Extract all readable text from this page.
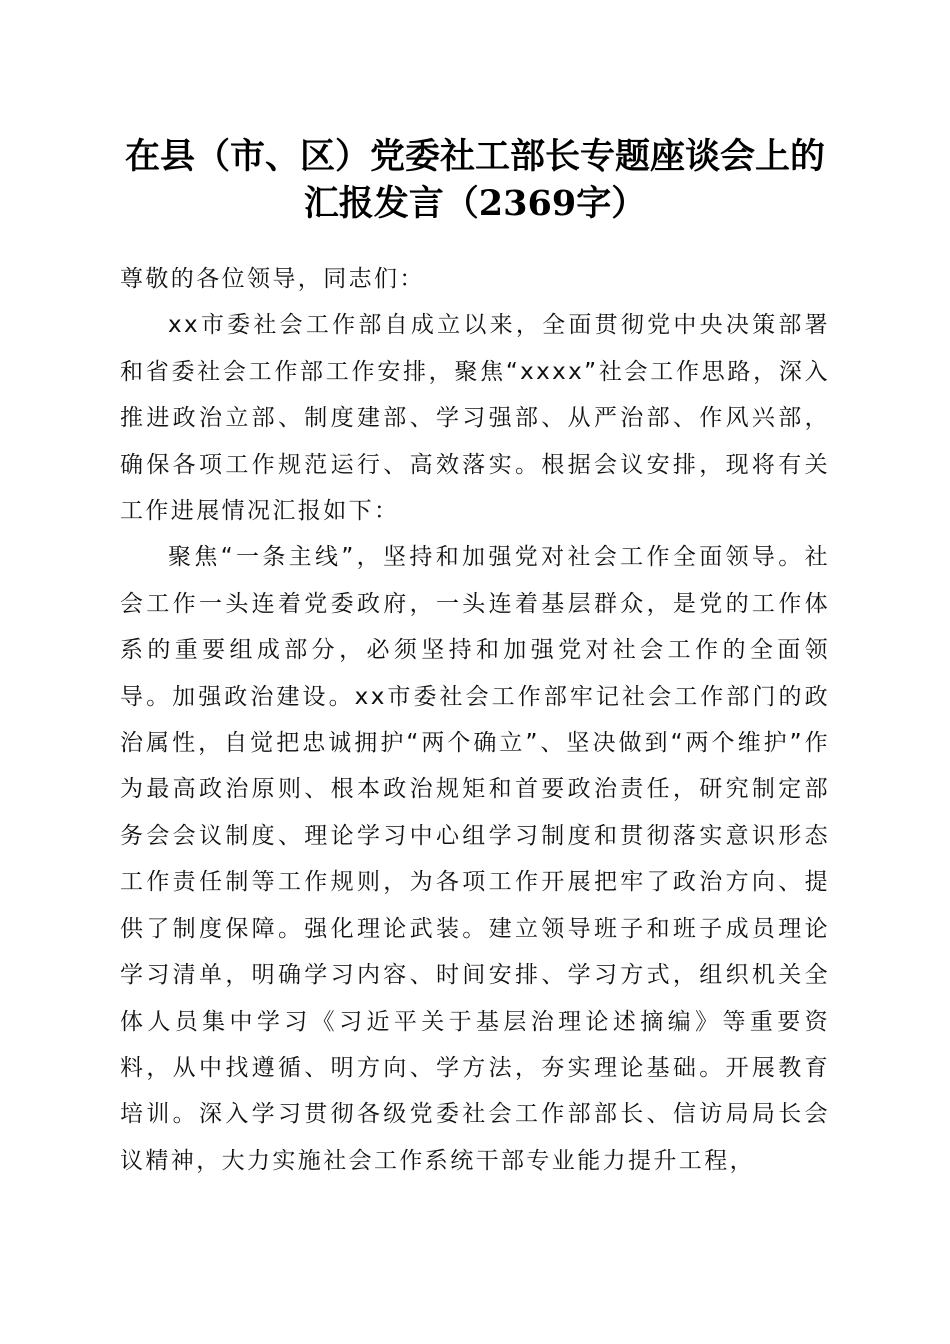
在县（市、区）党委社工部长专题座谈会上的
汇报发言（2369字）

尊敬的各位领导，同志们：

xx市委社会工作部自成立以来，全面贯彻党中央决策部署和省委社会工作部工作安排，聚焦“xxxx”社会工作思路，深入推进政治立部、制度建部、学习强部、从严治部、作风兴部，确保各项工作规范运行、高效落实。根据会议安排，现将有关工作进展情况汇报如下：

聚焦“一条主线”，坚持和加强党对社会工作全面领导。社会工作一头连着党委政府，一头连着基层群众，是党的工作体系的重要组成部分，必须坚持和加强党对社会工作的全面领导。加强政治建设。xx市委社会工作部牢记社会工作部门的政治属性，自觉把忠诚拥护“两个确立”、坚决做到“两个维护”作为最高政治原则、根本政治规矩和首要政治责任，研究制定部务会会议制度、理论学习中心组学习制度和贯彻落实意识形态工作责任制等工作规则，为各项工作开展把牢了政治方向、提供了制度保障。强化理论武装。建立领导班子和班子成员理论学习清单，明确学习内容、时间安排、学习方式，组织机关全体人员集中学习《习近平关于基层治理论述摘编》等重要资料，从中找遵循、明方向、学方法，夯实理论基础。开展教育培训。深入学习贯彻各级党委社会工作部部长、信访局局长会议精神，大力实施社会工作系统干部专业能力提升工程，
